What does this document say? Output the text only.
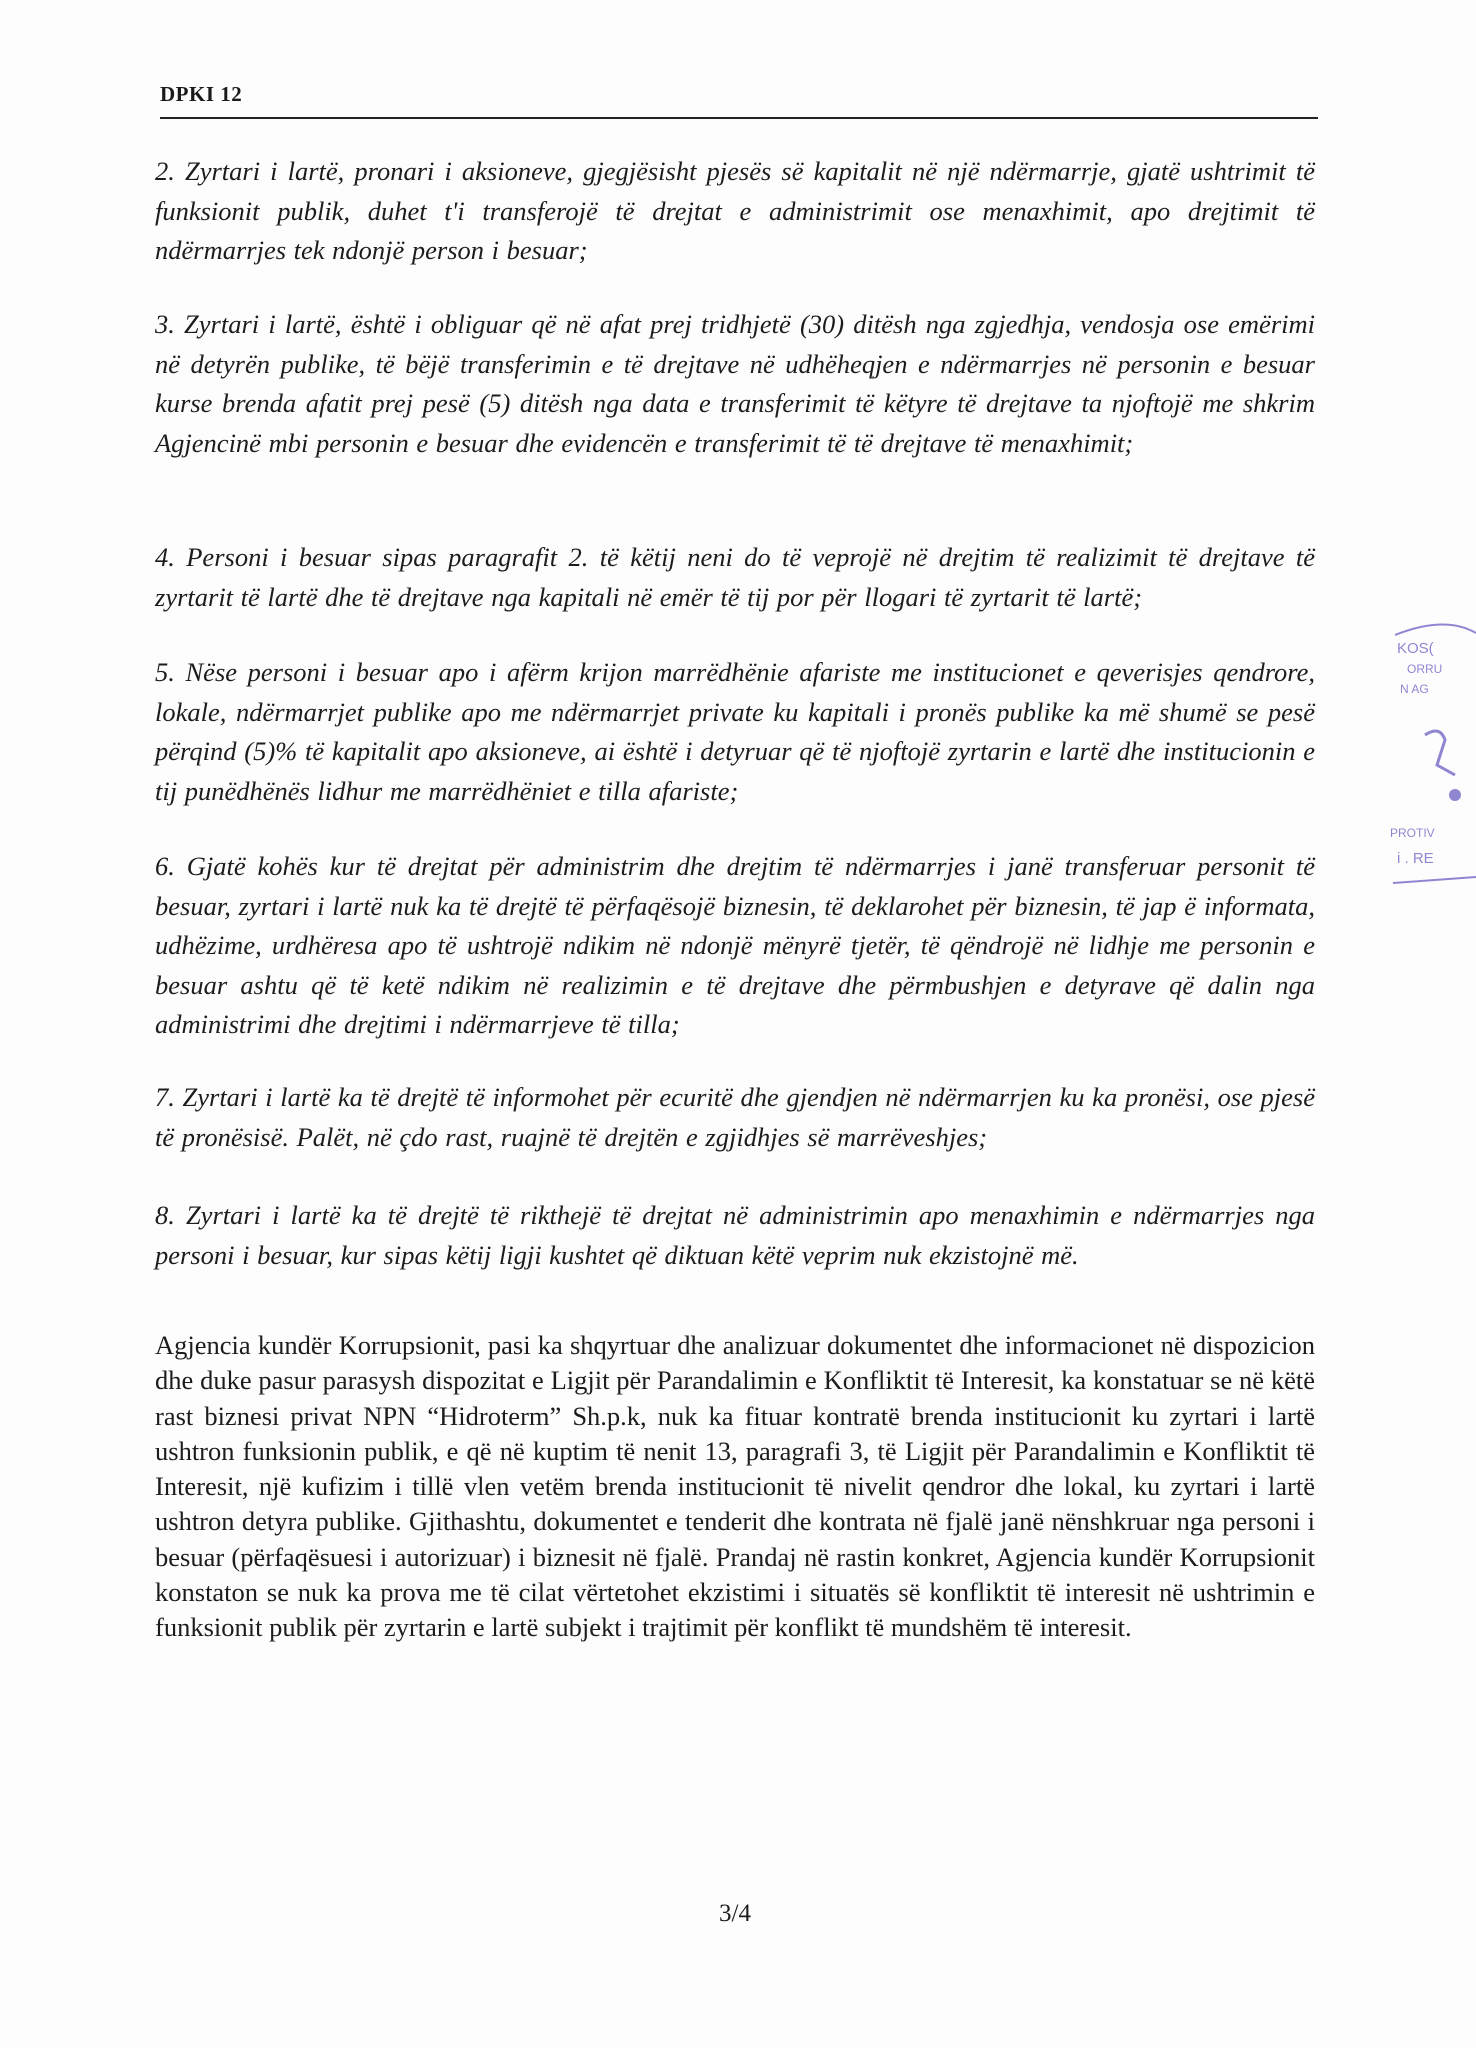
DPKI 12

2. Zyrtari i lartë, pronari i aksioneve, gjegjësisht pjesës së kapitalit në një ndërmarrje, gjatë ushtrimit të funksionit publik, duhet t'i transferojë të drejtat e administrimit ose menaxhimit, apo drejtimit të ndërmarrjes tek ndonjë person i besuar;

3. Zyrtari i lartë, është i obliguar që në afat prej tridhjetë (30) ditësh nga zgjedhja, vendosja ose emërimi në detyrën publike, të bëjë transferimin e të drejtave në udhëheqjen e ndërmarrjes në personin e besuar kurse brenda afatit prej pesë (5) ditësh nga data e transferimit të këtyre të drejtave ta njoftojë me shkrim Agjencinë mbi personin e besuar dhe evidencën e transferimit të të drejtave të menaxhimit;

4. Personi i besuar sipas paragrafit 2. të këtij neni do të veprojë në drejtim të realizimit të drejtave të zyrtarit të lartë dhe të drejtave nga kapitali në emër të tij por për llogari të zyrtarit të lartë;

5. Nëse personi i besuar apo i afërm krijon marrëdhënie afariste me institucionet e qeverisjes qendrore, lokale, ndërmarrjet publike apo me ndërmarrjet private ku kapitali i pronës publike ka më shumë se pesë përqind (5)% të kapitalit apo aksioneve, ai është i detyruar që të njoftojë zyrtarin e lartë dhe institucionin e tij punëdhënës lidhur me marrëdhëniet e tilla afariste;

6. Gjatë kohës kur të drejtat për administrim dhe drejtim të ndërmarrjes i janë transferuar personit të besuar, zyrtari i lartë nuk ka të drejtë të përfaqësojë biznesin, të deklarohet për biznesin, të jap ë informata, udhëzime, urdhëresa apo të ushtrojë ndikim në ndonjë mënyrë tjetër, të qëndrojë në lidhje me personin e besuar ashtu që të ketë ndikim në realizimin e të drejtave dhe përmbushjen e detyrave që dalin nga administrimi dhe drejtimi i ndërmarrjeve të tilla;

7. Zyrtari i lartë ka të drejtë të informohet për ecuritë dhe gjendjen në ndërmarrjen ku ka pronësi, ose pjesë të pronësisë. Palët, në çdo rast, ruajnë të drejtën e zgjidhjes së marrëveshjes;

8. Zyrtari i lartë ka të drejtë të rikthejë të drejtat në administrimin apo menaxhimin e ndërmarrjes nga personi i besuar, kur sipas këtij ligji kushtet që diktuan këtë veprim nuk ekzistojnë më.

Agjencia kundër Korrupsionit, pasi ka shqyrtuar dhe analizuar dokumentet dhe informacionet në dispozicion dhe duke pasur parasysh dispozitat e Ligjit për Parandalimin e Konfliktit të Interesit, ka konstatuar se në këtë rast biznesi privat NPN “Hidroterm” Sh.p.k, nuk ka fituar kontratë brenda institucionit ku zyrtari i lartë ushtron funksionin publik, e që në kuptim të nenit 13, paragrafi 3, të Ligjit për Parandalimin e Konfliktit të Interesit, një kufizim i tillë vlen vetëm brenda institucionit të nivelit qendror dhe lokal, ku zyrtari i lartë ushtron detyra publike. Gjithashtu, dokumentet e tenderit dhe kontrata në fjalë janë nënshkruar nga personi i besuar (përfaqësuesi i autorizuar) i biznesit në fjalë. Prandaj në rastin konkret, Agjencia kundër Korrupsionit konstaton se nuk ka prova me të cilat vërtetohet ekzistimi i situatës së konfliktit të interesit në ushtrimin e funksionit publik për zyrtarin e lartë subjekt i trajtimit për konflikt të mundshëm të interesit.

3/4

KOS(
ORRU
N AG
PROTIV
i . RE
